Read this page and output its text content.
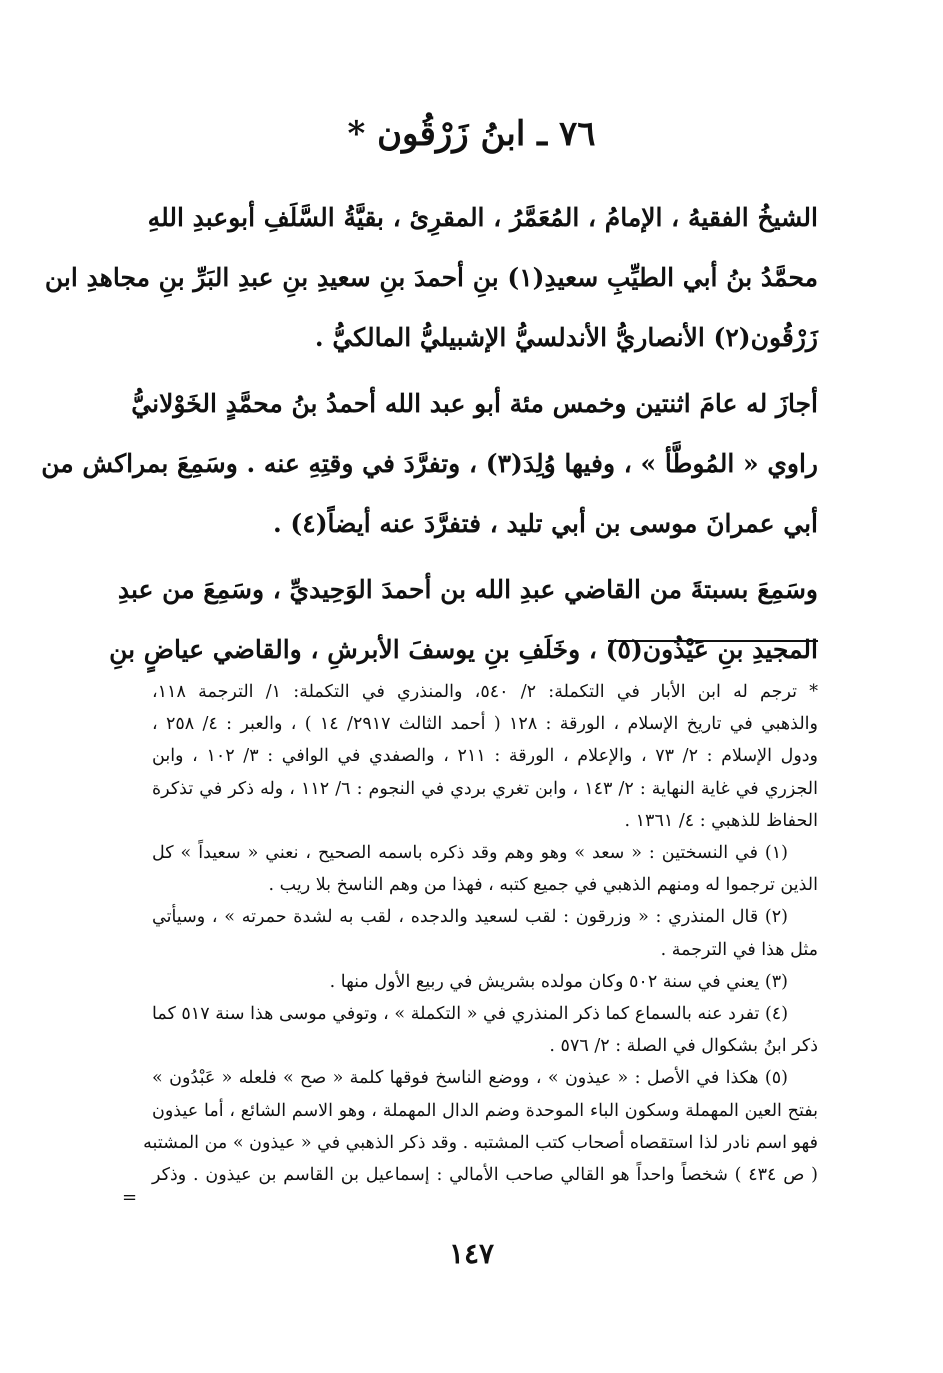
٧٦ ـ ابنُ زَرْقُون *

الشيخُ الفقيهُ ، الإمامُ ، المُعَمَّرُ ، المقرِئ ، بقيَّةُ السَّلَفِ أبوعبدِ اللهِ
محمَّدُ بنُ أبي الطيِّبِ سعيدِ(١) بنِ أحمدَ بنِ سعيدِ بنِ عبدِ البَرِّ بنِ مجاهدِ ابن
زَرْقُون(٢) الأنصاريُّ الأندلسيُّ الإشبيليُّ المالكيُّ .

أجازَ له عامَ اثنتين وخمس مئة أبو عبد الله أحمدُ بنُ محمَّدٍ الخَوْلانيُّ
راوي « المُوطَّأ » ، وفيها وُلِدَ(٣) ، وتفرَّدَ في وقتِهِ عنه . وسَمِعَ بمراكش من
أبي عمرانَ موسى بن أبي تليد ، فتفرَّدَ عنه أيضاً(٤) .

وسَمِعَ بسبتةَ من القاضي عبدِ الله بن أحمدَ الوَحِيديِّ ، وسَمِعَ من عبدِ
المجيدِ بنِ عَيْذُون(٥) ، وخَلَفِ بنِ يوسفَ الأبرشِ ، والقاضي عياضٍ بنِ

* ترجم له ابن الأبار في التكملة: ٢/ ٥٤٠، والمنذري في التكملة: ١/ الترجمة ١١٨،
والذهبي في تاريخ الإسلام ، الورقة : ١٢٨ ( أحمد الثالث ٢٩١٧/ ١٤ ) ، والعبر : ٤/ ٢٥٨ ،
ودول الإسلام : ٢/ ٧٣ ، والإعلام ، الورقة : ٢١١ ، والصفدي في الوافي : ٣/ ١٠٢ ، وابن
الجزري في غاية النهاية : ٢/ ١٤٣ ، وابن تغري بردي في النجوم : ٦/ ١١٢ ، وله ذكر في تذكرة
الحفاظ للذهبي : ٤/ ١٣٦١ .
(١) في النسختين : « سعد » وهو وهم وقد ذكره باسمه الصحيح ، نعني « سعيداً » كل
الذين ترجموا له ومنهم الذهبي في جميع كتبه ، فهذا من وهم الناسخ بلا ريب .
(٢) قال المنذري : « وزرقون : لقب لسعيد والدجده ، لقب به لشدة حمرته » ، وسيأتي
مثل هذا في الترجمة .
(٣) يعني في سنة ٥٠٢ وكان مولده بشريش في ربيع الأول منها .
(٤) تفرد عنه بالسماع كما ذكر المنذري في « التكملة » ، وتوفي موسى هذا سنة ٥١٧ كما
ذكر ابنُ بشكوال في الصلة : ٢/ ٥٧٦ .
(٥) هكذا في الأصل : « عيذون » ، ووضع الناسخ فوقها كلمة « صح » فلعله « عَبْدُون »
بفتح العين المهملة وسكون الباء الموحدة وضم الدال المهملة ، وهو الاسم الشائع ، أما عيذون
فهو اسم نادر لذا استقصاه أصحاب كتب المشتبه . وقد ذكر الذهبي في « عيذون » من المشتبه
( ص ٤٣٤ ) شخصاً واحداً هو القالي صاحب الأمالي : إسماعيل بن القاسم بن عيذون . وذكر
=
١٤٧
